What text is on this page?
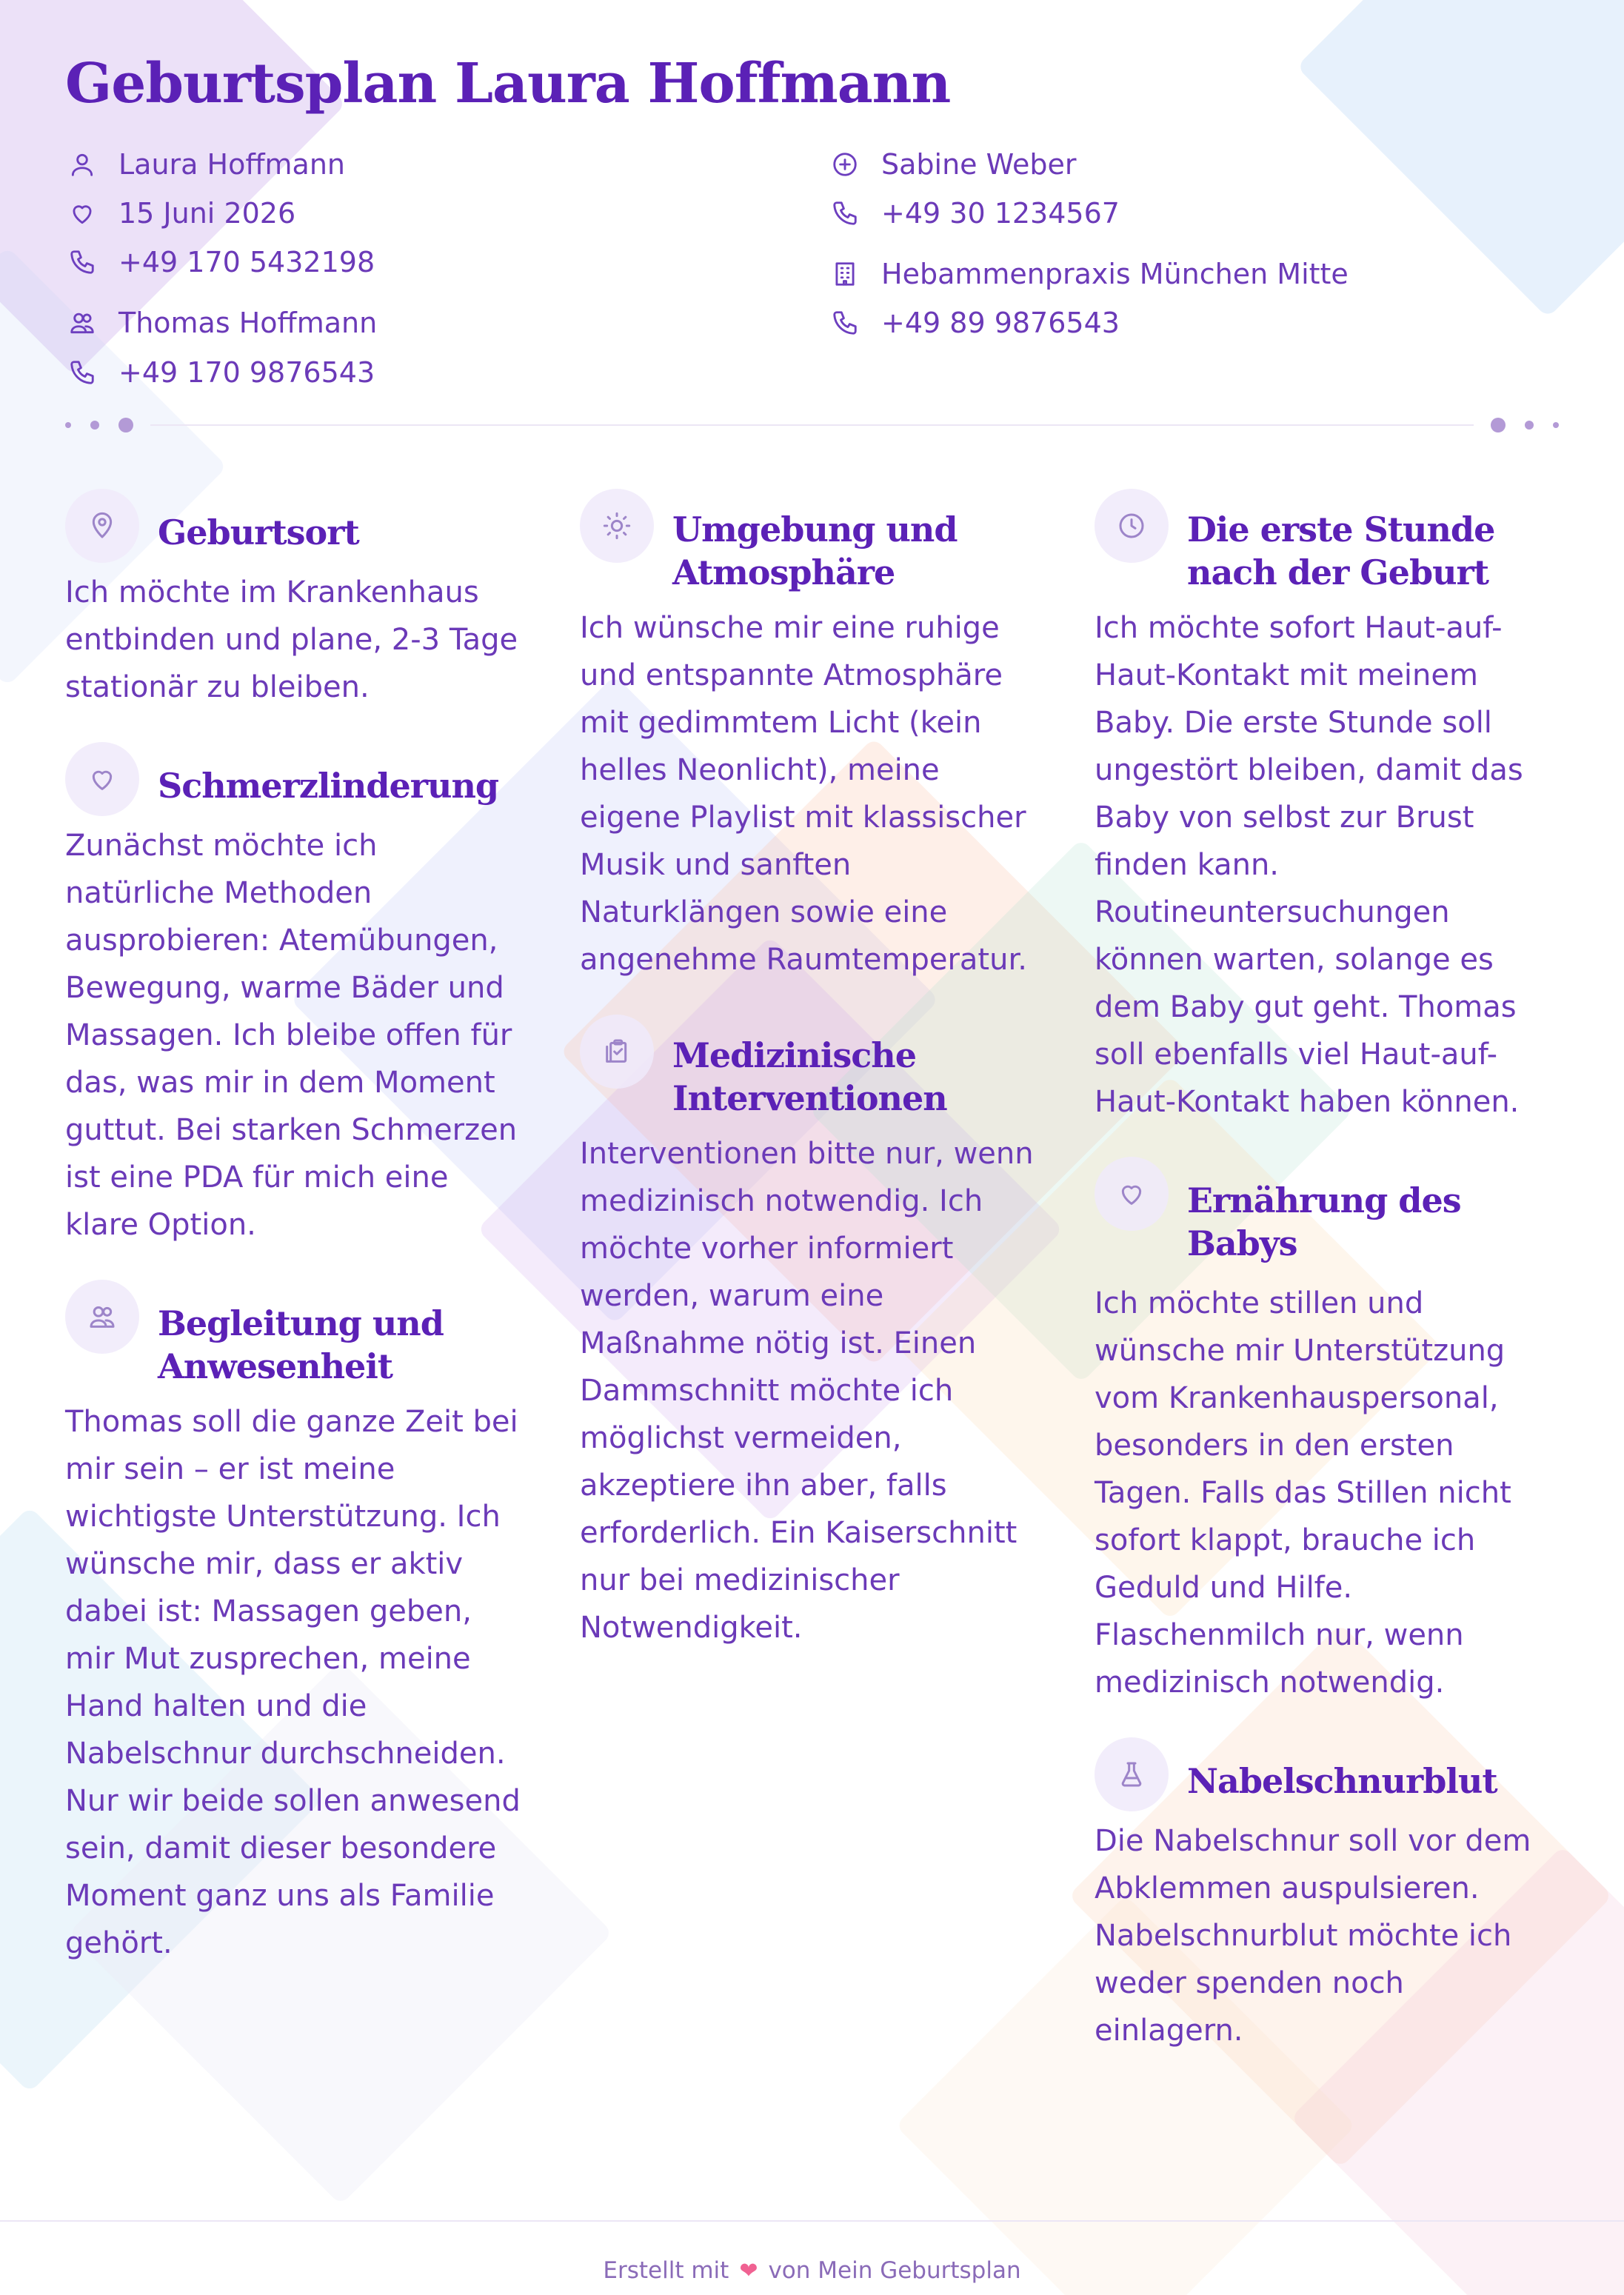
Geburtsplan Laura Hoffmann
Laura Hoffmann
15 Juni 2026
+49 170 5432198
Thomas Hoffmann
+49 170 9876543
Sabine Weber
+49 30 1234567
Hebammenpraxis München Mitte
+49 89 9876543
Geburtsort
Ich möchte im Krankenhaus entbinden und plane, 2-3 Tage stationär zu bleiben.
Schmerzlinderung
Zunächst möchte ich natürliche Methoden ausprobieren: Atemübungen, Bewegung, warme Bäder und Massagen. Ich bleibe offen für das, was mir in dem Moment guttut. Bei starken Schmerzen ist eine PDA für mich eine klare Option.
Begleitung und Anwesenheit
Thomas soll die ganze Zeit bei mir sein – er ist meine wichtigste Unterstützung. Ich wünsche mir, dass er aktiv dabei ist: Massagen geben, mir Mut zusprechen, meine Hand halten und die Nabelschnur durchschneiden. Nur wir beide sollen anwesend sein, damit dieser besondere Moment ganz uns als Familie gehört.
Umgebung und Atmosphäre
Ich wünsche mir eine ruhige und entspannte Atmosphäre mit gedimmtem Licht (kein helles Neonlicht), meine eigene Playlist mit klassischer Musik und sanften Naturklängen sowie eine angenehme Raumtemperatur.
Medizinische Interventionen
Interventionen bitte nur, wenn medizinisch notwendig. Ich möchte vorher informiert werden, warum eine Maßnahme nötig ist. Einen Dammschnitt möchte ich möglichst vermeiden, akzeptiere ihn aber, falls erforderlich. Ein Kaiserschnitt nur bei medizinischer Notwendigkeit.
Die erste Stunde nach der Geburt
Ich möchte sofort Haut-auf-Haut-Kontakt mit meinem Baby. Die erste Stunde soll ungestört bleiben, damit das Baby von selbst zur Brust finden kann. Routineuntersuchungen können warten, solange es dem Baby gut geht. Thomas soll ebenfalls viel Haut-auf-Haut-Kontakt haben können.
Ernährung des Babys
Ich möchte stillen und wünsche mir Unterstützung vom Krankenhauspersonal, besonders in den ersten Tagen. Falls das Stillen nicht sofort klappt, brauche ich Geduld und Hilfe. Flaschenmilch nur, wenn medizinisch notwendig.
Nabelschnurblut
Die Nabelschnur soll vor dem Abklemmen auspulsieren. Nabelschnurblut möchte ich weder spenden noch einlagern.
Erstellt mit ❤ von Mein Geburtsplan
